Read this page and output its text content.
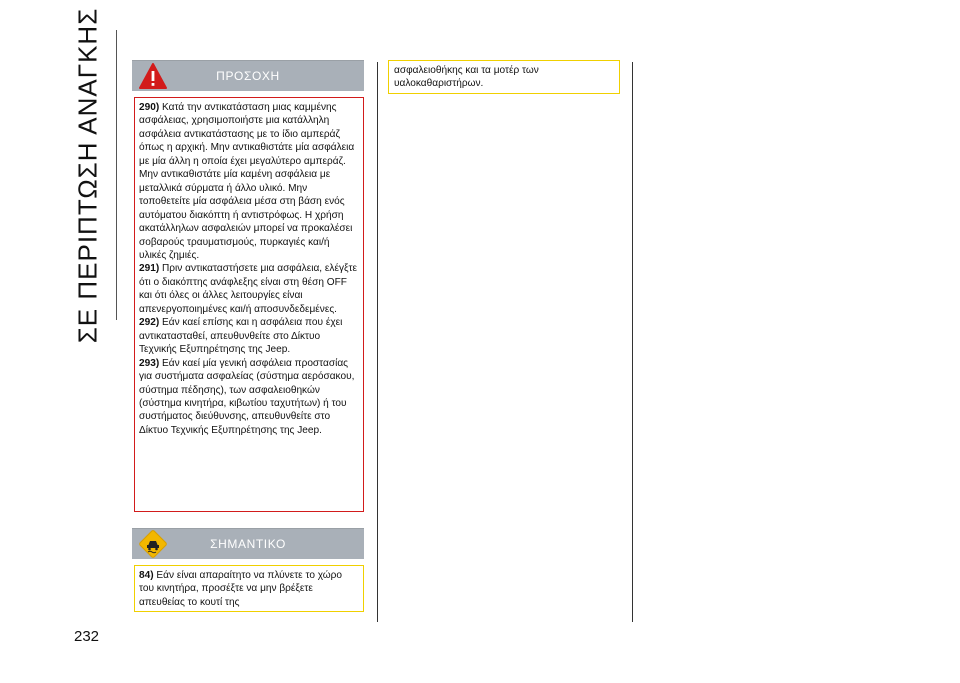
ΣΕ ΠΕΡΙΠΤΩΣΗ ΑΝΑΓΚΗΣ	ΠΡΟΣΟΧΗ

290) Κατά την αντικατάσταση μιας καμμένης ασφάλειας, χρησιμοποιήστε μια κατάλληλη ασφάλεια αντικατάστασης με το ίδιο αμπεράζ όπως η αρχική. Μην αντικαθιστάτε μία ασφάλεια με μία άλλη η οποία έχει μεγαλύτερο αμπεράζ. Μην αντικαθιστάτε μία καμένη ασφάλεια με μεταλλικά σύρματα ή άλλο υλικό. Μην τοποθετείτε μία ασφάλεια μέσα στη βάση ενός αυτόματου διακόπτη ή αντιστρόφως. Η χρήση ακατάλληλων ασφαλειών μπορεί να προκαλέσει σοβαρούς τραυματισμούς, πυρκαγιές και/ή υλικές ζημιές.

291) Πριν αντικαταστήσετε μια ασφάλεια, ελέγξτε ότι ο διακόπτης ανάφλεξης είναι στη θέση OFF και ότι όλες οι άλλες λειτουργίες είναι απενεργοποιημένες και/ή αποσυνδεδεμένες.

292) Εάν καεί επίσης και η ασφάλεια που έχει αντικατασταθεί, απευθυνθείτε στο Δίκτυο Τεχνικής Εξυπηρέτησης της Jeep.

293) Εάν καεί μία γενική ασφάλεια προστασίας για συστήματα ασφαλείας (σύστημα αερόσακου, σύστημα πέδησης), των ασφαλειοθηκών (σύστημα κινητήρα, κιβωτίου ταχυτήτων) ή του συστήματος διεύθυνσης, απευθυνθείτε στο Δίκτυο Τεχνικής Εξυπηρέτησης της Jeep.

ΣΗΜΑΝΤΙΚΟ

84) Εάν είναι απαραίτητο να πλύνετε το χώρο του κινητήρα, προσέξτε να μην βρέξετε απευθείας το κουτί της

ασφαλειοθήκης και τα μοτέρ των υαλοκαθαριστήρων.

232
